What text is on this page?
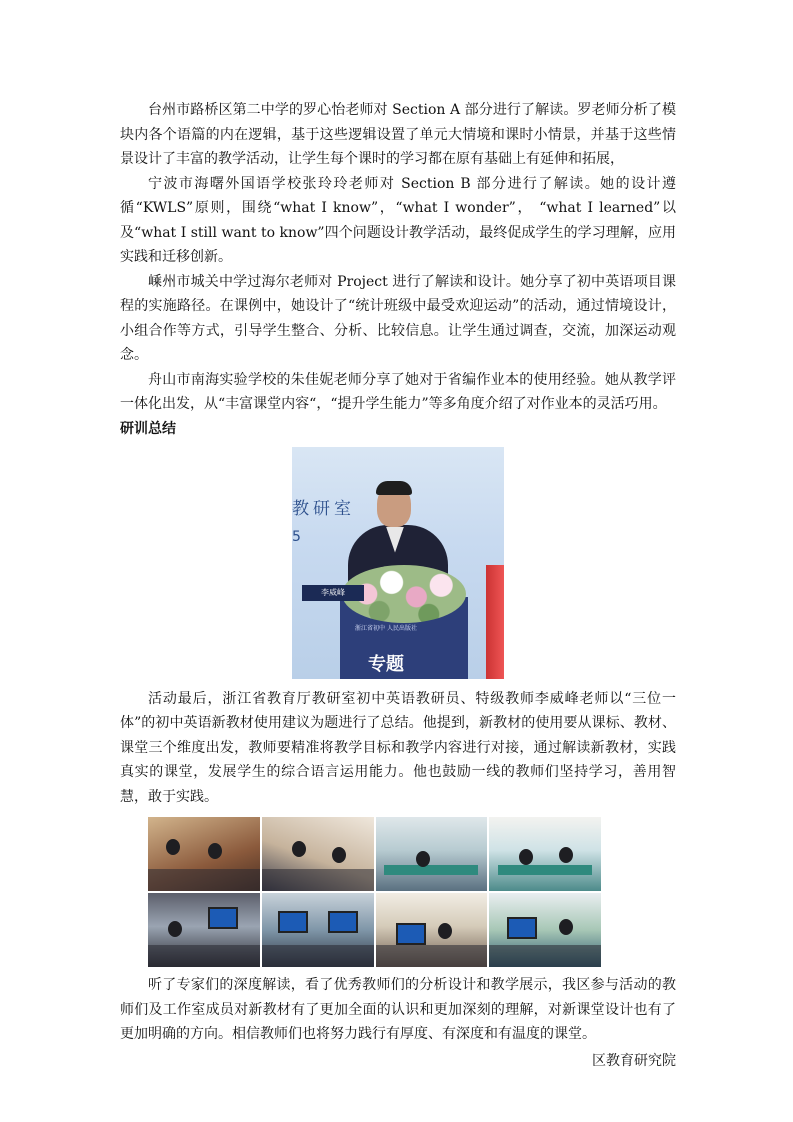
台州市路桥区第二中学的罗心怡老师对 Section A 部分进行了解读。罗老师分析了模块内各个语篇的内在逻辑，基于这些逻辑设置了单元大情境和课时小情景，并基于这些情景设计了丰富的教学活动，让学生每个课时的学习都在原有基础上有延伸和拓展，

宁波市海曙外国语学校张玲玲老师对 Section B 部分进行了解读。她的设计遵循“KWLS”原则，围绕“what I know”，“what I wonder”， “what I learned”以及“what I still want to know”四个问题设计教学活动，最终促成学生的学习理解，应用实践和迁移创新。

嵊州市城关中学过海尔老师对 Project 进行了解读和设计。她分享了初中英语项目课程的实施路径。在课例中，她设计了“统计班级中最受欢迎运动”的活动，通过情境设计，小组合作等方式，引导学生整合、分析、比较信息。让学生通过调查，交流，加深运动观念。

舟山市南海实验学校的朱佳妮老师分享了她对于省编作业本的使用经验。她从教学评一体化出发，从“丰富课堂内容“，“提升学生能力”等多角度介绍了对作业本的灵活巧用。

研训总结

教研室
5
李威峰
浙江省初中 人民出版社
专题

活动最后，浙江省教育厅教研室初中英语教研员、特级教师李威峰老师以“三位一体”的初中英语新教材使用建议为题进行了总结。他提到，新教材的使用要从课标、教材、课堂三个维度出发，教师要精准将教学目标和教学内容进行对接，通过解读新教材，实践真实的课堂，发展学生的综合语言运用能力。他也鼓励一线的教师们坚持学习，善用智慧，敢于实践。

听了专家们的深度解读，看了优秀教师们的分析设计和教学展示，我区参与活动的教师们及工作室成员对新教材有了更加全面的认识和更加深刻的理解，对新课堂设计也有了更加明确的方向。相信教师们也将努力践行有厚度、有深度和有温度的课堂。

区教育研究院
